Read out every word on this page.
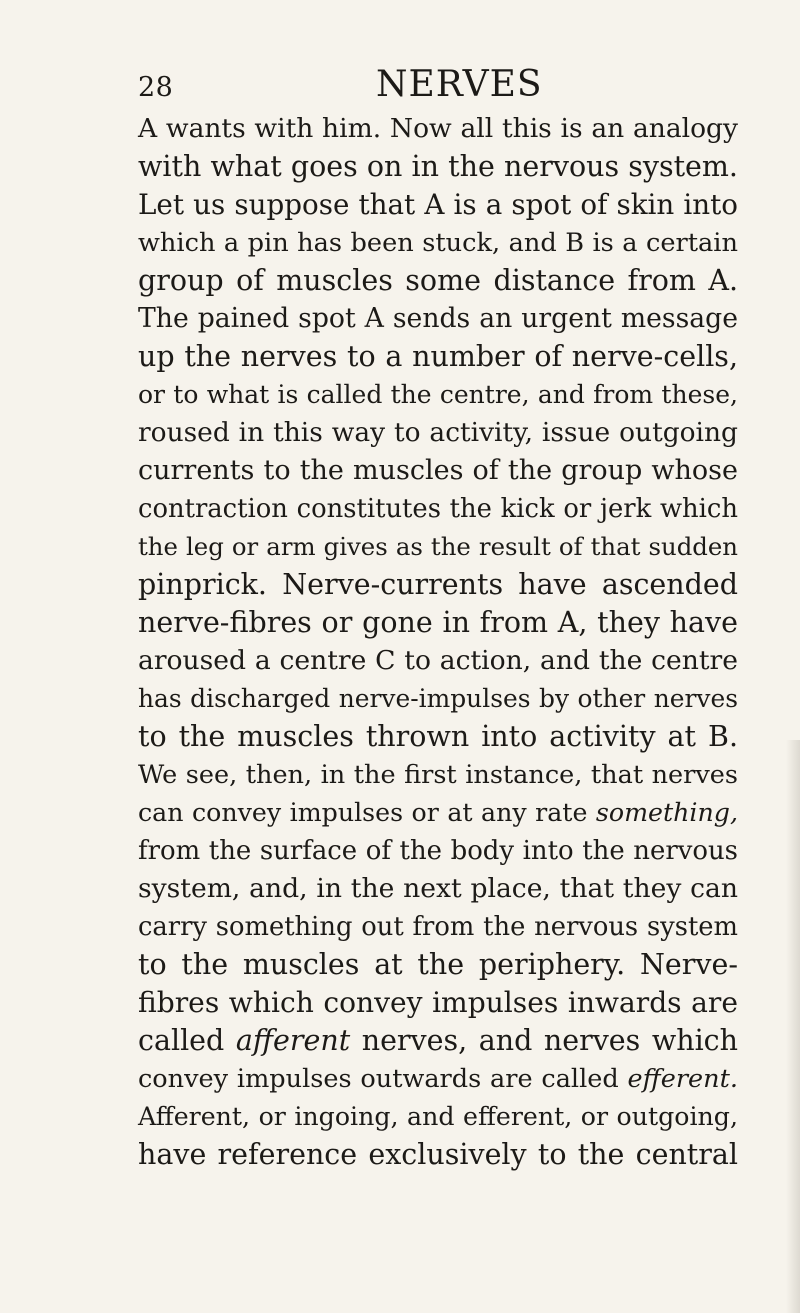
28	NERVES
A wants with him. Now all this is an analogy
with what goes on in the nervous system.
Let us suppose that A is a spot of skin into
which a pin has been stuck, and B is a certain
group of muscles some distance from A.
The pained spot A sends an urgent message
up the nerves to a number of nerve-cells,
or to what is called the centre, and from these,
roused in this way to activity, issue outgoing
currents to the muscles of the group whose
contraction constitutes the kick or jerk which
the leg or arm gives as the result of that sudden
pinprick. Nerve-currents have ascended
nerve-fibres or gone in from A, they have
aroused a centre C to action, and the centre
has discharged nerve-impulses by other nerves
to the muscles thrown into activity at B.
We see, then, in the first instance, that nerves
can convey impulses or at any rate something,
from the surface of the body into the nervous
system, and, in the next place, that they can
carry something out from the nervous system
to the muscles at the periphery. Nerve-
fibres which convey impulses inwards are
called afferent nerves, and nerves which
convey impulses outwards are called efferent.
Afferent, or ingoing, and efferent, or outgoing,
have reference exclusively to the central
